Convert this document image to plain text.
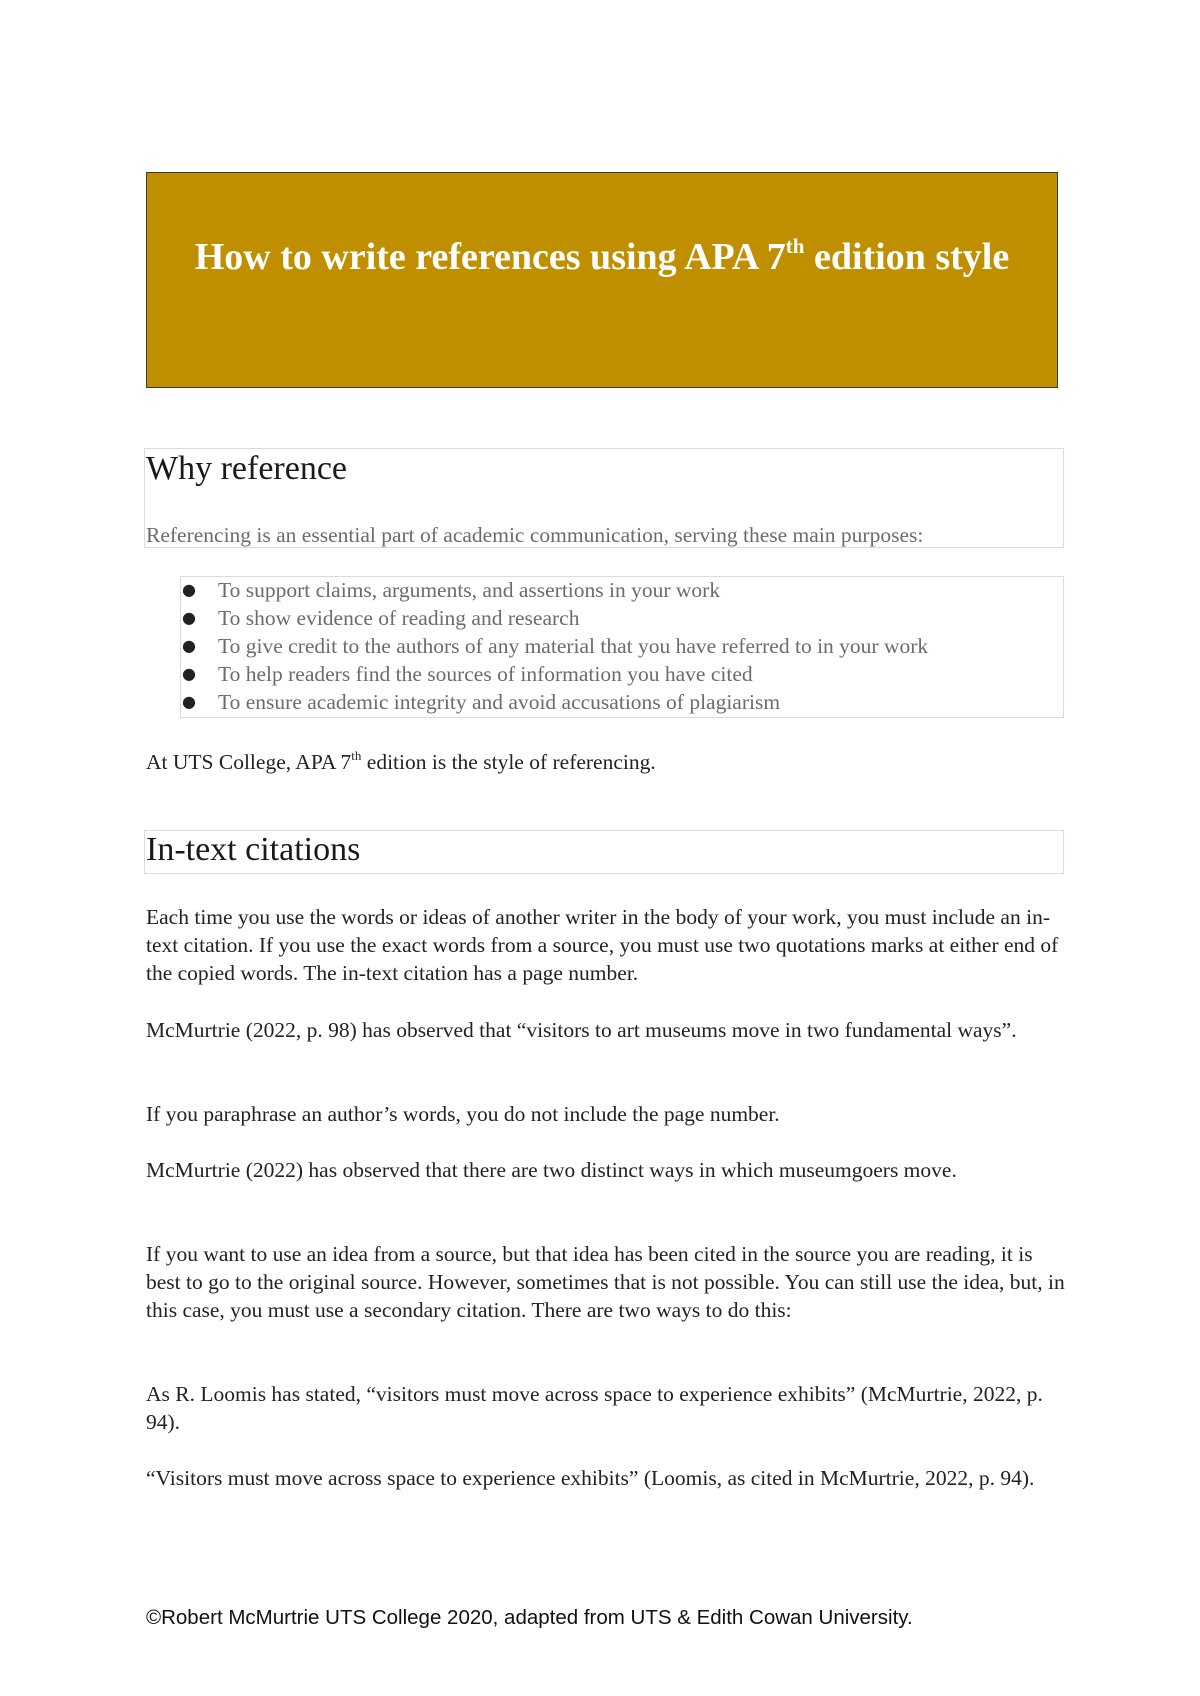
How to write references using APA 7th edition style
Why reference
Referencing is an essential part of academic communication, serving these main purposes:
● To support claims, arguments, and assertions in your work
● To show evidence of reading and research
● To give credit to the authors of any material that you have referred to in your work
● To help readers find the sources of information you have cited
● To ensure academic integrity and avoid accusations of plagiarism
At UTS College, APA 7th edition is the style of referencing.
In-text citations
Each time you use the words or ideas of another writer in the body of your work, you must include an in-text citation. If you use the exact words from a source, you must use two quotations marks at either end of the copied words. The in-text citation has a page number.
McMurtrie (2022, p. 98) has observed that “visitors to art museums move in two fundamental ways”.
If you paraphrase an author’s words, you do not include the page number.
McMurtrie (2022) has observed that there are two distinct ways in which museumgoers move.
If you want to use an idea from a source, but that idea has been cited in the source you are reading, it is best to go to the original source. However, sometimes that is not possible. You can still use the idea, but, in this case, you must use a secondary citation. There are two ways to do this:
As R. Loomis has stated, “visitors must move across space to experience exhibits” (McMurtrie, 2022, p. 94).
“Visitors must move across space to experience exhibits” (Loomis, as cited in McMurtrie, 2022, p. 94).
©Robert McMurtrie UTS College 2020, adapted from UTS & Edith Cowan University.
